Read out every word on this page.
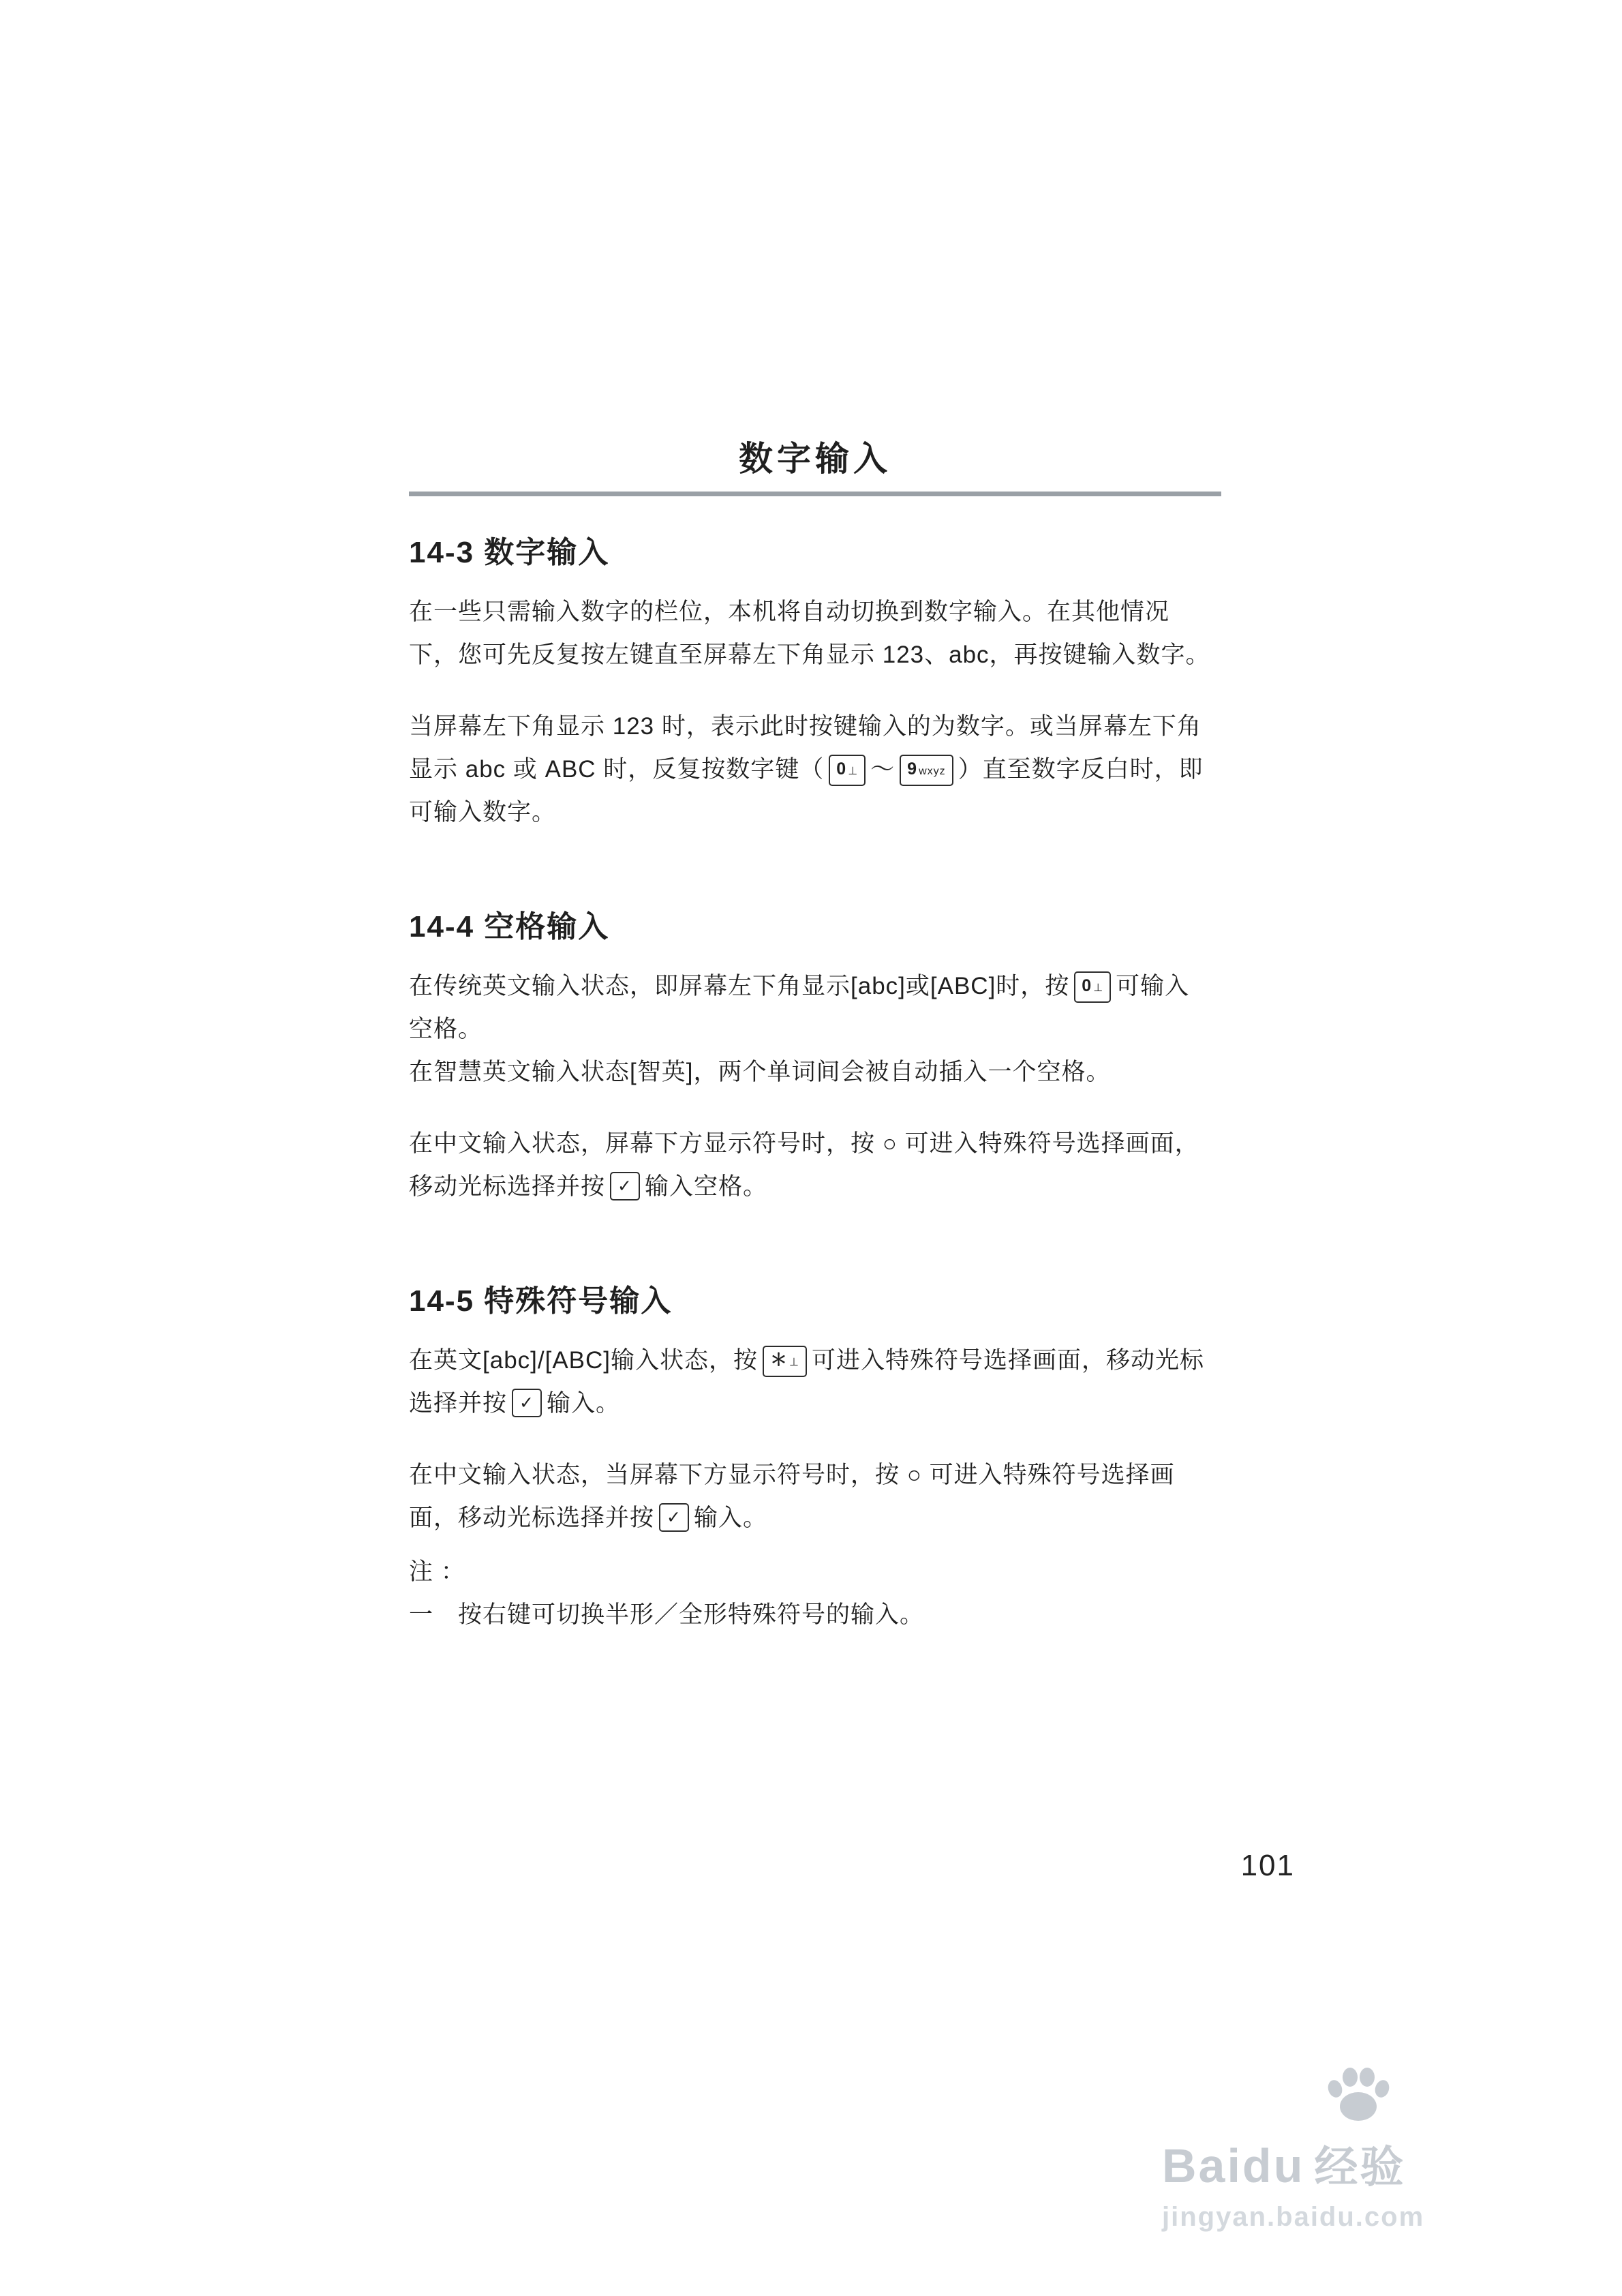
数字输入
14-3 数字输入

在一些只需输入数字的栏位，本机将自动切换到数字输入。在其他情况
下，您可先反复按左键直至屏幕左下角显示 123、abc，再按键输入数字。

当屏幕左下角显示 123 时，表示此时按键输入的为数字。或当屏幕左下角
显示 abc 或 ABC 时，反复按数字键（ 0 ⊥ ～ 9 wxyz ）直至数字反白时，即
可输入数字。

14-4 空格输入

在传统英文输入状态，即屏幕左下角显示[abc]或[ABC]时，按 0 ⊥ 可输入
空格。
在智慧英文输入状态[智英]，两个单词间会被自动插入一个空格。

在中文输入状态，屏幕下方显示符号时，按 ○ 可进入特殊符号选择画面，
移动光标选择并按 ✓ 输入空格。

14-5 特殊符号输入

在英文[abc]/[ABC]输入状态，按 ＊ ⊥ 可进入特殊符号选择画面，移动光标
选择并按 ✓ 输入。

在中文输入状态，当屏幕下方显示符号时，按 ○ 可进入特殊符号选择画
面，移动光标选择并按 ✓ 输入。

注 ：
一　按右键可切换半形／全形特殊符号的输入。

101
Baidu 经验
jingyan.baidu.com
